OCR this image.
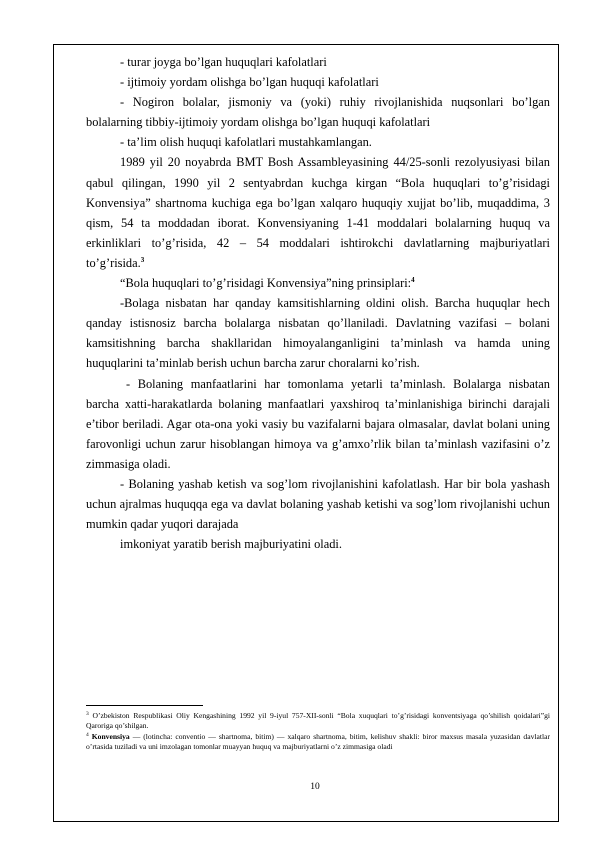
- turar joyga bo’lgan huquqlari kafolatlari

- ijtimoiy yordam olishga bo’lgan huquqi kafolatlari

- Nogiron bolalar, jismoniy va (yoki) ruhiy rivojlanishida nuqsonlari bo’lgan bolalarning tibbiy-ijtimoiy yordam olishga bo’lgan huquqi kafolatlari

- ta’lim olish huquqi kafolatlari mustahkamlangan.

1989 yil 20 noyabrda BMT Bosh Assambleyasining 44/25-sonli rezolyusiyasi bilan qabul qilingan, 1990 yil 2 sentyabrdan kuchga kirgan “Bola huquqlari to’g’risidagi Konvensiya” shartnoma kuchiga ega bo’lgan xalqaro huquqiy xujjat bo’lib, muqaddima, 3 qism, 54 ta moddadan iborat. Konvensiyaning 1-41 moddalari bolalarning huquq va erkinliklari to’g’risida, 42 – 54 moddalari ishtirokchi davlatlarning majburiyatlari to’g’risida.$^3$

“Bola huquqlari to’g’risidagi Konvensiya”ning prinsiplari:$^4$

-Bolaga nisbatan har qanday kamsitishlarning oldini olish. Barcha huquqlar hech qanday istisnosiz barcha bolalarga nisbatan qo’llaniladi. Davlatning vazifasi – bolani kamsitishning barcha shakllaridan himoyalanganligini ta’minlash va hamda uning huquqlarini ta’minlab berish uchun barcha zarur choralarni ko’rish.

- Bolaning manfaatlarini har tomonlama yetarli ta’minlash. Bolalarga nisbatan barcha xatti-harakatlarda bolaning manfaatlari yaxshiroq ta’minlanishiga birinchi darajali e’tibor beriladi. Agar ota-ona yoki vasiy bu vazifalarni bajara olmasalar, davlat bolani uning farovonligi uchun zarur hisoblangan himoya va g’amxo’rlik bilan ta’minlash vazifasini o’z zimmasiga oladi.

- Bolaning yashab ketish va sog’lom rivojlanishini kafolatlash. Har bir bola yashash uchun ajralmas huquqqa ega va davlat bolaning yashab ketishi va sog’lom rivojlanishi uchun mumkin qadar yuqori darajada

imkoniyat yaratib berish majburiyatini oladi.

$^3$ O’zbekiston Respublikasi Oliy Kengashining 1992 yil 9-iyul 757-XII-sonli “Bola xuquqlari to’g’risidagi konventsiyaga qo’shilish qoidalari”gi Qaroriga qo’shilgan.

$^4$ Konvensiya — (lotincha: conventio — shartnoma, bitim) — xalqaro shartnoma, bitim, kelishuv shakli: biror maxsus masala yuzasidan davlatlar o’rtasida tuziladi va uni imzolagan tomonlar muayyan huquq va majburiyatlarni o’z zimmasiga oladi

10
